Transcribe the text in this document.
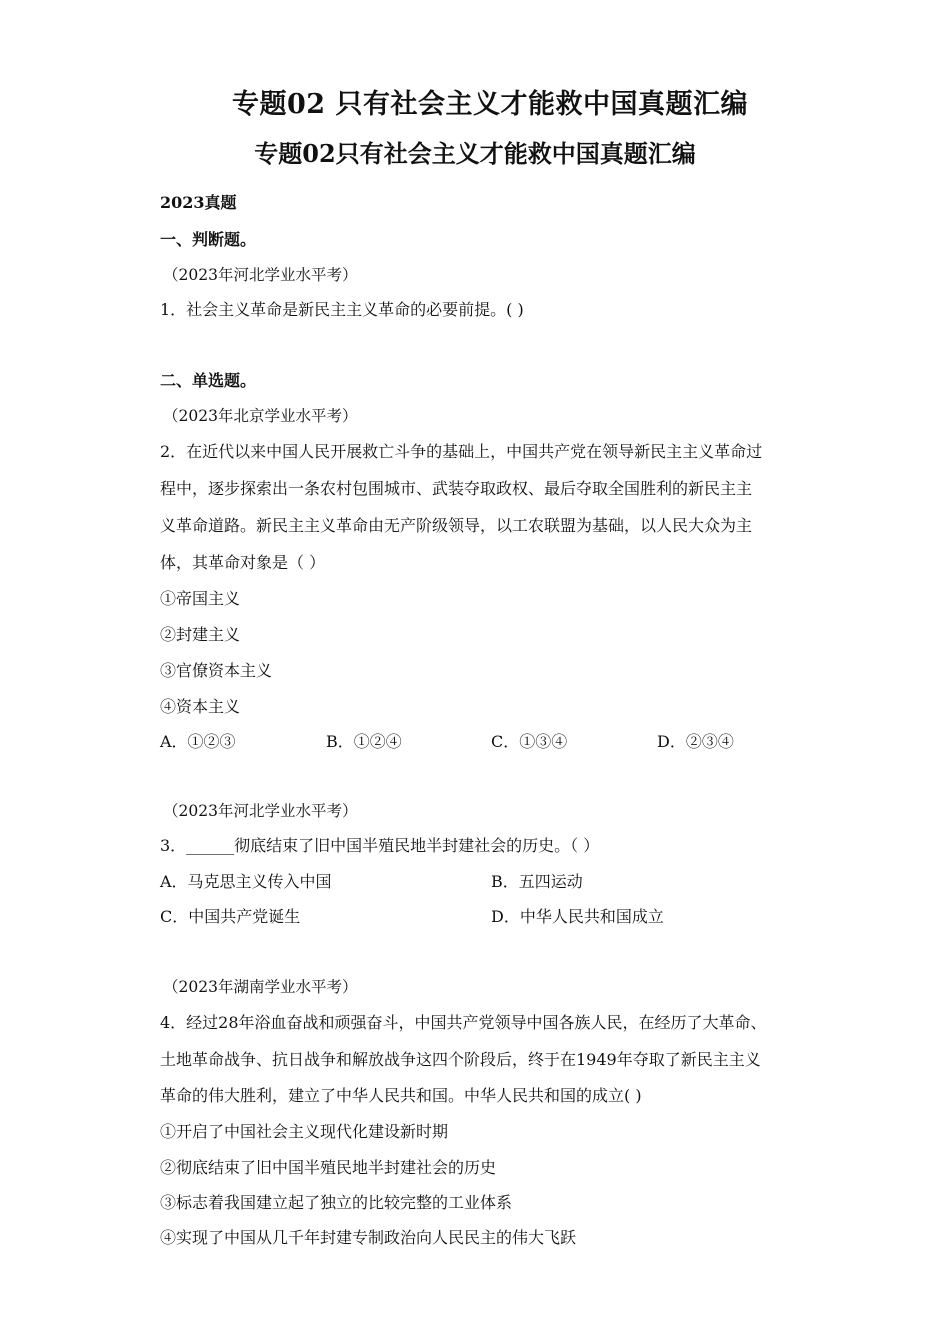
专题02 只有社会主义才能救中国真题汇编
专题02只有社会主义才能救中国真题汇编
2023真题
一、判断题。
（2023年河北学业水平考）
1．社会主义革命是新民主主义革命的必要前提。( )
二、单选题。
（2023年北京学业水平考）
2．在近代以来中国人民开展救亡斗争的基础上，中国共产党在领导新民主主义革命过
程中，逐步探索出一条农村包围城市、武装夺取政权、最后夺取全国胜利的新民主主
义革命道路。新民主主义革命由无产阶级领导，以工农联盟为基础，以人民大众为主
体，其革命对象是（ ）
①帝国主义
②封建主义
③官僚资本主义
④资本主义
A．①②③	B．①②④	C．①③④	D．②③④
（2023年河北学业水平考）
3．______彻底结束了旧中国半殖民地半封建社会的历史。（ ）
A．马克思主义传入中国	B．五四运动
C．中国共产党诞生	D．中华人民共和国成立
（2023年湖南学业水平考）
4．经过28年浴血奋战和顽强奋斗，中国共产党领导中国各族人民，在经历了大革命、
土地革命战争、抗日战争和解放战争这四个阶段后，终于在1949年夺取了新民主主义
革命的伟大胜利，建立了中华人民共和国。中华人民共和国的成立( )
①开启了中国社会主义现代化建设新时期
②彻底结束了旧中国半殖民地半封建社会的历史
③标志着我国建立起了独立的比较完整的工业体系
④实现了中国从几千年封建专制政治向人民民主的伟大飞跃
